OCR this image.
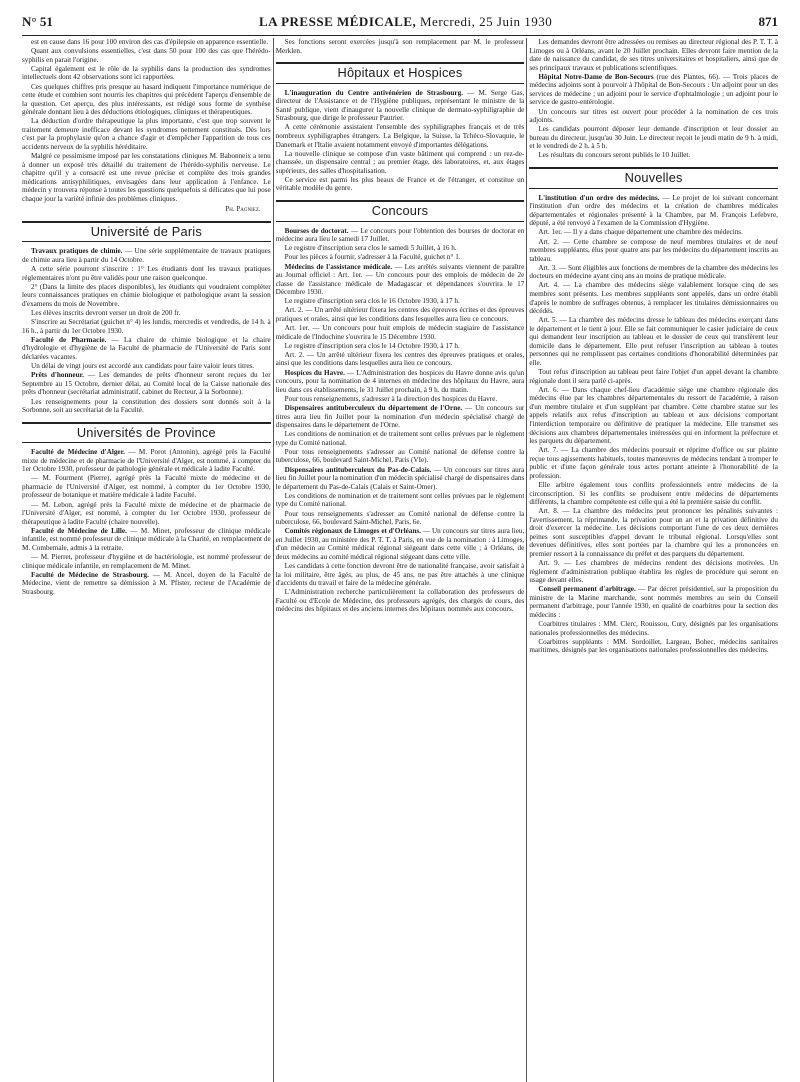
N° 51	LA PRESSE MÉDICALE, Mercredi, 25 Juin 1930	871

est en cause dans 16 pour 100 environ des cas d'épilepsie en apparence essentielle.

Quant aux convulsions essentielles, c'est dans 50 pour 100 des cas que l'hérédo-syphilis en parait l'origine.

Capital également est le rôle de la syphilis dans la production des syndromes intellectuels dont 42 observations sont ici rapportées.

Ces quelques chiffres pris presque au hasard indiquent l'importance numérique de cette étude et combien sont nourris les chapitres qui précèdent l'aperçu d'ensemble de la question. Cet aperçu, des plus intéressants, est rédigé sous forme de synthèse générale donnant lieu à des déductions étiologiques, cliniques et thérapeutiques.

La déduction d'ordre thérapeutique la plus importante, c'est que trop souvent le traitement demeure inefficace devant les syndromes nettement constitués. Dès lors c'est par la prophylaxie qu'on a chance d'agir et d'empêcher l'apparition de tous ces accidents nerveux de la syphilis héréditaire.

Malgré ce pessimisme imposé par les constatations cliniques M. Babonneix a tenu à donner un exposé très détaillé du traitement de l'hérédo-syphilis nerveuse. Le chapitre qu'il y a consacré est une revue précise et complète des trois grandes médications antisyphilitiques, envisagées dans leur application à l'enfance. Le médecin y trouvera réponse à toutes les questions quelquefois si délicates que lui pose chaque jour la variété infinie des problèmes cliniques.

Ph. Pagniez.
Université de Paris

Travaux pratiques de chimie. — Une série supplémentaire de travaux pratiques de chimie aura lieu à partir du 14 Octobre.

A cette série pourront s'inscrire : 1° Les étudiants dont les travaux pratiques réglementaires n'ont pu être validés pour une raison quelconque.

2° (Dans la limite des places disponibles), les étudiants qui voudraient compléter leurs connaissances pratiques en chimie biologique et pathologique avant la session d'examens du mois de Novembre.

Les élèves inscrits devront verser un droit de 200 fr.

S'inscrire au Secrétariat (guichet n° 4) les lundis, mercredis et vendredis, de 14 h. à 16 h., à partir du 1er Octobre 1930.

Faculté de Pharmacie. — La chaire de chimie biologique et la chaire d'hydrologie et d'hygiène de la Faculté de pharmacie de l'Université de Paris sont déclarées vacantes.

Un délai de vingt jours est accordé aux candidats pour faire valoir leurs titres.

Prêts d'honneur. — Les demandes de prêts d'honneur seront reçues du 1er Septembre au 15 Octobre, dernier délai, au Comité local de la Caisse nationale des prêts d'honneur (secrétariat administratif, cabinet du Recteur, à la Sorbonne).

Les renseignements pour la constitution des dossiers sont donnés soit à la Sorbonne, soit au secrétariat de la Faculté.

Universités de Province

Faculté de Médecine d'Alger. — M. Porot (Antonin), agrégé près la Faculté mixte de médecine et de pharmacie de l'Université d'Alger, est nommé, à compter du 1er Octobre 1930, professeur de pathologie générale et médicale à ladite Faculté.

— M. Fourment (Pierre), agrégé près la Faculté mixte de médecine et de pharmacie de l'Université d'Alger, est nommé, à compter du 1er Octobre 1930, professeur de botanique et matière médicale à ladite Faculté.

— M. Lebon, agrégé près la Faculté mixte de médecine et de pharmacie de l'Université d'Alger, est nommé, à compter du 1er Octobre 1930, professeur de thérapeutique à ladite Faculté (chaire nouvelle).

Faculté de Médecine de Lille. — M. Minet, professeur de clinique médicale infantile, est nommé professeur de clinique médicale à la Charité, en remplacement de M. Combemale, admis à la retraite.

— M. Pierret, professeur d'hygiène et de bactériologie, est nommé professeur de clinique médicale infantile, en remplacement de M. Minet.

Faculté de Médecine de Strasbourg. — M. Ancel, doyen de la Faculté de Médecine, vient de remettre sa démission à M. Pfister, recteur de l'Académie de Strasbourg.

Ses fonctions seront exercées jusqu'à son remplacement par M. le professeur Merklen.

Hôpitaux et Hospices

L'inauguration du Centre antivénérien de Strasbourg. — M. Serge Gas, directeur de l'Assistance et de l'Hygiène publiques, représentant le ministre de la Santé publique, vient d'inaugurer la nouvelle clinique de dermato-syphiligraphie de Strasbourg, que dirige le professeur Pautrier.

A cette cérémonie assistaient l'ensemble des syphiligraphes français et de très nombreux syphiligraphes étrangers. La Belgique, la Suisse, la Tchéco-Slovaquie, le Danemark et l'Italie avaient notamment envoyé d'importantes délégations.

La nouvelle clinique se compose d'un vaste bâtiment qui comprend : un rez-de-chaussée, un dispensaire central ; au premier étage, des laboratoires, et, aux étages supérieurs, des salles d'hospitalisation.

Ce service est parmi les plus beaux de France et de l'étranger, et constitue un véritable modèle du genre.

Concours

Bourses de doctorat. — Le concours pour l'obtention des bourses de doctorat en médecine aura lieu le samedi 17 Juillet.

Le registre d'inscription sera clos le samedi 5 Juillet, à 16 h.

Pour les pièces à fournir, s'adresser à la Faculté, guichet n° 1.

Médecins de l'assistance médicale. — Les arrêtés suivants viennent de paraître au Journal officiel : Art. 1er. — Un concours pour des emplois de médecin de 2e classe de l'assistance médicale de Madagascar et dépendances s'ouvrira le 17 Décembre 1930.

Le registre d'inscription sera clos le 16 Octobre 1930, à 17 h.

Art. 2. — Un arrêté ultérieur fixera les centres des épreuves écrites et des épreuves pratiques et orales, ainsi que les conditions dans lesquelles aura lieu ce concours.

Art. 1er. — Un concours pour huit emplois de médecin stagiaire de l'assistance médicale de l'Indochine s'ouvrira le 15 Décembre 1930.

Le registre d'inscription sera clos le 14 Octobre 1930, à 17 h.

Art. 2. — Un arrêté ultérieur fixera les centres des épreuves pratiques et orales, ainsi que les conditions dans lesquelles aura lieu ce concours.

Hospices du Havre. — L'Administration des hospices du Havre donne avis qu'un concours, pour la nomination de 4 internes en médecine des hôpitaux du Havre, aura lieu dans ces établissements, le 31 Juillet prochain, à 9 h. du matin.

Pour tous renseignements, s'adresser à la direction des hospices du Havre.

Dispensaires antituberculeux du département de l'Orne. — Un concours sur titres aura lieu fin Juillet pour la nomination d'un médecin spécialisé chargé de dispensaires dans le département de l'Orne.

Les conditions de nomination et de traitement sont celles prévues par le règlement type du Comité national.

Pour tous renseignements s'adresser au Comité national de défense contre la tuberculose, 66, boulevard Saint-Michel, Paris (VIe).

Dispensaires antituberculeux du Pas-de-Calais. — Un concours sur titres aura lieu fin Juillet pour la nomination d'un médecin spécialisé chargé de dispensaires dans le département du Pas-de-Calais (Calais et Saint-Omer).

Les conditions de nomination et de traitement sont celles prévues par le règlement type du Comité national.

Pour tous renseignements s'adresser au Comité national de défense contre la tuberculose, 66, boulevard Saint-Michel, Paris, 6e.

Comités régionaux de Limoges et d'Orléans. — Un concours sur titres aura lieu, en Juillet 1930, au ministère des P. T. T. à Paris, en vue de la nomination : à Limoges, d'un médecin au Comité médical régional siégeant dans cette ville ; à Orléans, de deux médecins au comité médical régional siégeant dans cette ville.

Les candidats à cette fonction devront être de nationalité française, avoir satisfait à la loi militaire, être âgés, au plus, de 45 ans, ne pas être attachés à une clinique d'accidents du travail et faire de la médecine générale.

L'Administration recherche particulièrement la collaboration des professeurs de Faculté ou d'Ecole de Médecine, des professeurs agrégés, des chargés de cours, des médecins des hôpitaux et des anciens internes des hôpitaux nommés aux concours.

Les demandes devront être adressées ou remises au directeur régional des P. T. T. à Limoges ou à Orléans, avant le 20 Juillet prochain. Elles devront faire mention de la date de naissance du candidat, de ses titres universitaires et hospitaliers, ainsi que de ses principaux travaux et publications scientifiques.

Hôpital Notre-Dame de Bon-Secours (rue des Plantes, 66). — Trois places de médecins adjoints sont à pourvoir à l'hôpital de Bon-Secours : Un adjoint pour un des services de médecine ; un adjoint pour le service d'ophtalmologie ; un adjoint pour le service de gastro-entérologie.

Un concours sur titres est ouvert pour procéder à la nomination de ces trois adjoints.

Les candidats pourront déposer leur demande d'inscription et leur dossier au bureau du directeur, jusqu'au 30 Juin. Le directeur reçoit le jeudi matin de 9 h. à midi, et le vendredi de 2 h. à 5 h.

Les résultats du concours seront publiés le 10 Juillet.

Nouvelles

L'institution d'un ordre des médecins. — Le projet de loi suivant concernant l'institution d'un ordre des médecins et la création de chambres médicales départementales et régionales présenté à la Chambre, par M. François Lefebvre, député, a été renvoyé à l'examen de la Commission d'Hygiène.

Art. 1er. — Il y a dans chaque département une chambre des médecins.

Art. 2. — Cette chambre se compose de neuf membres titulaires et de neuf membres suppléants, élus pour quatre ans par les médecins du département inscrits au tableau.

Art. 3. — Sont éligibles aux fonctions de membres de la chambre des médecins les docteurs en médecine ayant cinq ans au moins de pratique médicale.

Art. 4. — La chambre des médecins siège valablement lorsque cinq de ses membres sont présents. Les membres suppléants sont appelés, dans un ordre établi d'après le nombre de suffrages obtenus, à remplacer les titulaires démissionnaires ou décédés.

Art. 5. — La chambre des médecins dresse le tableau des médecins exerçant dans le département et le tient à jour. Elle se fait communiquer le casier judiciaire de ceux qui demandent leur inscription au tableau et le dossier de ceux qui transfèrent leur domicile dans le département. Elle peut refuser l'inscription au tableau à toutes personnes qui ne remplissent pas certaines conditions d'honorabilité déterminées par elle.

Tout refus d'inscription au tableau peut faire l'objet d'un appel devant la chambre régionale dont il sera parlé ci-après.

Art. 6. — Dans chaque chef-lieu d'académie siège une chambre régionale des médecins élue par les chambres départementales du ressort de l'académie, à raison d'un membre titulaire et d'un suppléant par chambre. Cette chambre statue sur les appels relatifs aux refus d'inscription au tableau et aux décisions comportant l'interdiction temporaire ou définitive de pratiquer la médecine. Elle transmet ses décisions aux chambres départementales intéressées qui en informent la préfecture et les parquets du département.

Art. 7. — La chambre des médecins poursuit et réprime d'office ou sur plainte reçue tous agissements habituels, toutes manœuvres de médecins tendant à tromper le public et d'une façon générale tous actes portant atteinte à l'honorabilité de la profession.

Elle arbitre également tous conflits professionnels entre médecins de la circonscription. Si les conflits se produisent entre médecins de départements différents, la chambre compétente est celle qui a été la première saisie du conflit.

Art. 8. — La chambre des médecins peut prononcer les pénalités suivantes : l'avertissement, la réprimande, la privation pour un an et la privation définitive du droit d'exercer la médecine. Les décisions comportant l'une de ces deux dernières peines sont susceptibles d'appel devant le tribunal régional. Lorsqu'elles sont devenues définitives, elles sont portées par la chambre qui les a prononcées en premier ressort à la connaissance du préfet et des parquets du département.

Art. 9. — Les chambres de médecins rendent des décisions motivées. Un règlement d'administration publique établira les règles de procédure qui seront en usage devant elles.

Conseil permanent d'arbitrage. — Par décret présidentiel, sur la proposition du ministre de la Marine marchande, sont nommés membres au sein du Conseil permanent d'arbitrage, pour l'année 1930, en qualité de coarbitres pour la section des médecins :

Coarbitres titulaires : MM. Clerc, Rouissou, Cury, désignés par les organisations nationales professionnelles des médecins.

Coarbitres suppléants : MM. Sordoillet, Largeau, Bohec, médecins sanitaires maritimes, désignés par les organisations nationales professionnelles des médecins.
